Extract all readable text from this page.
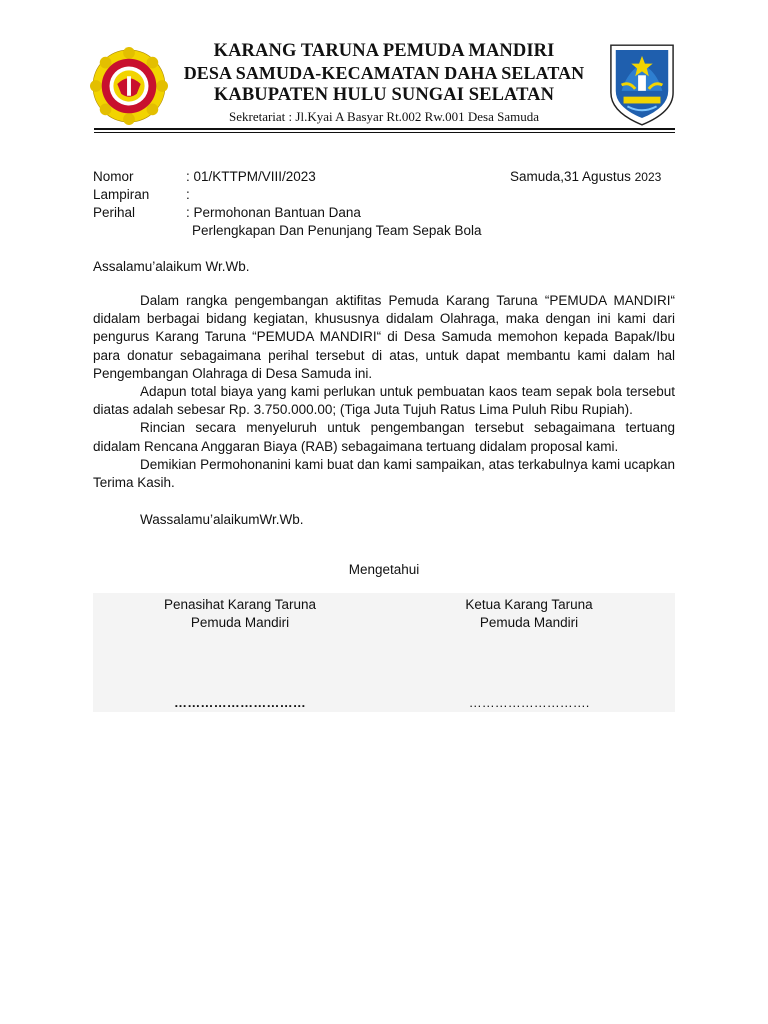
KARANG TARUNA PEMUDA MANDIRI
DESA SAMUDA-KECAMATAN DAHA SELATAN
KABUPATEN HULU SUNGAI SELATAN
Sekretariat : Jl.Kyai A Basyar Rt.002 Rw.001 Desa Samuda
Nomor	: 01/KTTPM/VIII/2023
Lampiran	:
Perihal	: Permohonan Bantuan Dana
Perlengkapan Dan Penunjang Team Sepak Bola
Samuda,31 Agustus 2023
Assalamu’alaikum Wr.Wb.

Dalam rangka pengembangan aktifitas Pemuda Karang Taruna “PEMUDA MANDIRI“ didalam berbagai bidang kegiatan, khususnya didalam Olahraga, maka dengan ini kami dari pengurus Karang Taruna “PEMUDA MANDIRI“ di Desa Samuda memohon kepada Bapak/Ibu para donatur sebagaimana perihal tersebut di atas, untuk dapat membantu kami dalam hal Pengembangan Olahraga di Desa Samuda ini.

Adapun total biaya yang kami perlukan untuk pembuatan kaos team sepak bola tersebut diatas adalah sebesar Rp. 3.750.000.00; (Tiga Juta Tujuh Ratus Lima Puluh Ribu Rupiah).

Rincian secara menyeluruh untuk pengembangan tersebut sebagaimana tertuang didalam Rencana Anggaran Biaya (RAB) sebagaimana tertuang didalam proposal kami.

Demikian Permohonanini kami buat dan kami sampaikan, atas terkabulnya kami ucapkan Terima Kasih.

Wassalamu’alaikumWr.Wb.
Mengetahui
Penasihat Karang Taruna
Pemuda Mandiri
Ketua Karang Taruna
Pemuda Mandiri
…………………………	……………………….
